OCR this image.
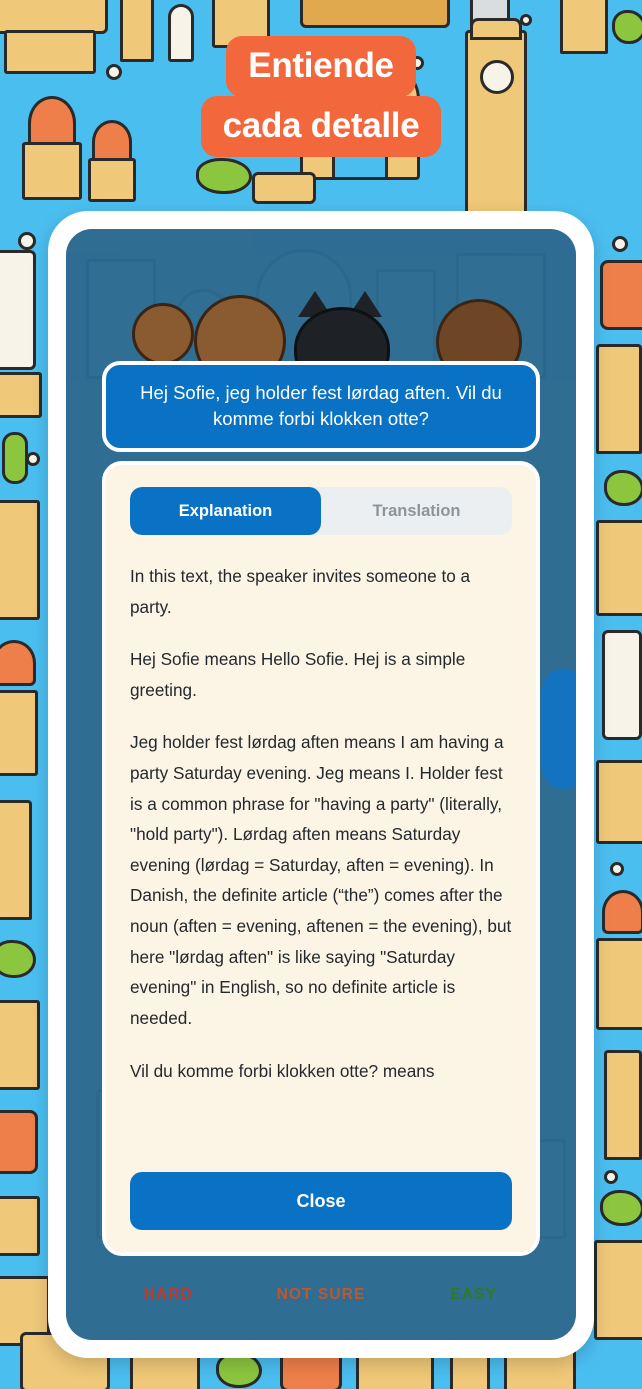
Entiende
cada detalle

Hej Sofie, jeg holder fest lørdag aften. Vil du komme forbi klokken otte?

Explanation	Translation

In this text, the speaker invites someone to a party.

Hej Sofie means Hello Sofie. Hej is a simple greeting.

Jeg holder fest lørdag aften means I am having a party Saturday evening. Jeg means I. Holder fest is a common phrase for "having a party" (literally, "hold party"). Lørdag aften means Saturday evening (lørdag = Saturday, aften = evening). In Danish, the definite article (“the”) comes after the noun (aften = evening, aftenen = the evening), but here "lørdag aften" is like saying "Saturday evening" in English, so no definite article is needed.

Vil du komme forbi klokken otte? means

Close
HARD	NOT SURE	EASY
